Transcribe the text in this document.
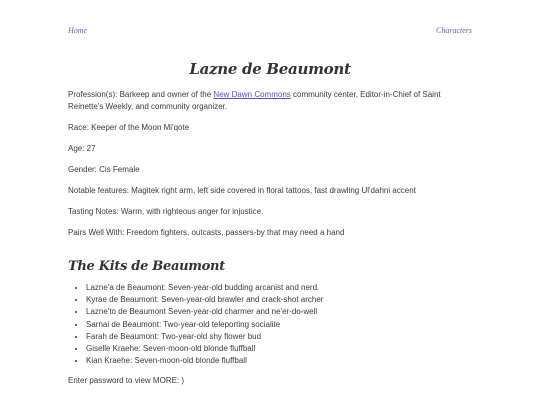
Home	Characters
Lazne de Beaumont

Profession(s): Barkeep and owner of the New Dawn Commons community center, Editor-in-Chief of Saint Reinette's Weekly, and community organizer.

Race: Keeper of the Moon Mi'qote

Age: 27

Gender: Cis Female

Notable features: Magitek right arm, left side covered in floral tattoos, fast drawling Ul'dahni accent

Tasting Notes: Warm, with righteous anger for injustice.

Pairs Well With: Freedom fighters, outcasts, passers-by that may need a hand

The Kits de Beaumont
• Lazne'a de Beaumont: Seven-year-old budding arcanist and nerd.
• Kyrae de Beaumont: Seven-year-old brawler and crack-shot archer
• Lazne'to de Beaumont Seven-year-old charmer and ne'er-do-well
• Sarnai de Beaumont: Two-year-old teleporting socialite
• Farah de Beaumont: Two-year-old shy flower bud
• Giselle Kraehe: Seven-moon-old blonde fluffball
• Kian Kraehe: Seven-moon-old blonde fluffball
Enter password to view MORE: )
